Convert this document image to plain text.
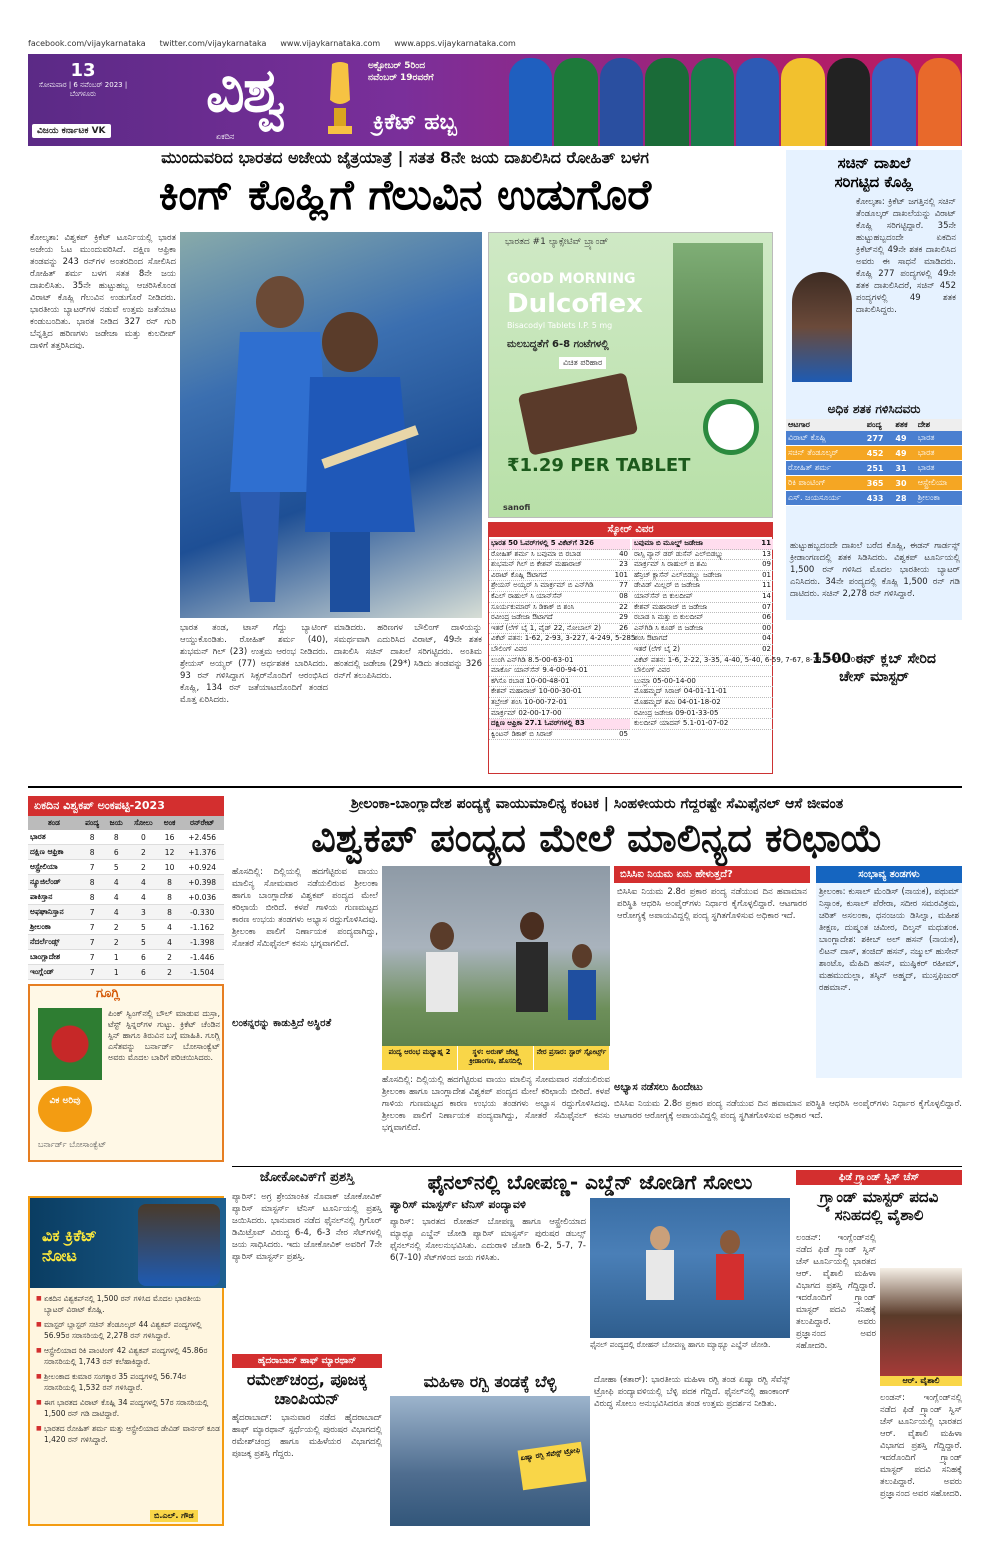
facebook.com/vijaykarnataka twitter.com/vijaykarnataka www.vijaykarnataka.com www.apps.vijaykarnataka.com
13
ಸೋಮವಾರ | 6 ನವೆಂಬರ್ 2023 | ಬೆಂಗಳೂರು
ವಿಜಯ ಕರ್ನಾಟಕ VK
ವಿಶ್ವ
ಏಕದಿನ
ಅಕ್ಟೋಬರ್ 5ರಿಂದ
ನವೆಂಬರ್ 19ರವರೆಗೆ
ಕ್ರಿಕೆಟ್ ಹಬ್ಬ
ಮುಂದುವರಿದ ಭಾರತದ ಅಜೇಯ ಜೈತ್ರಯಾತ್ರೆ | ಸತತ 8ನೇ ಜಯ ದಾಖಲಿಸಿದ ರೋಹಿತ್ ಬಳಗ
ಕಿಂಗ್ ಕೊಹ್ಲಿಗೆ ಗೆಲುವಿನ ಉಡುಗೊರೆ
ಕೋಲ್ಕತಾ: ವಿಶ್ವಕಪ್ ಕ್ರಿಕೆಟ್ ಟೂರ್ನಿಯಲ್ಲಿ ಭಾರತ ಅಜೇಯ ಓಟ ಮುಂದುವರಿಸಿದೆ. ದಕ್ಷಿಣ ಆಫ್ರಿಕಾ ತಂಡವನ್ನು 243 ರನ್‌ಗಳ ಅಂತರದಿಂದ ಸೋಲಿಸಿದ ರೋಹಿತ್ ಶರ್ಮ ಬಳಗ ಸತತ 8ನೇ ಜಯ ದಾಖಲಿಸಿತು. 35ನೇ ಹುಟ್ಟುಹಬ್ಬ ಆಚರಿಸಿಕೊಂಡ ವಿರಾಟ್ ಕೊಹ್ಲಿ ಗೆಲುವಿನ ಉಡುಗೊರೆ ನೀಡಿದರು. ಭಾರತೀಯ ಬ್ಯಾಟರ್‌ಗಳ ನಡುವೆ ಉತ್ತಮ ಜತೆಯಾಟ ಕಂಡುಬಂದಿತು. ಭಾರತ ನೀಡಿದ 327 ರನ್ ಗುರಿ ಬೆನ್ನತ್ತಿದ ಹರಿಣಗಳು ಜಡೇಜಾ ಮತ್ತು ಕುಲದೀಪ್ ದಾಳಿಗೆ ತತ್ತರಿಸಿದವು.
ಭಾರತ ತಂಡ, ಟಾಸ್ ಗೆದ್ದು ಬ್ಯಾಟಿಂಗ್ ಆಯ್ದುಕೊಂಡಿತು. ರೋಹಿತ್ ಶರ್ಮ (40), ಶುಭಮನ್ ಗಿಲ್ (23) ಉತ್ತಮ ಆರಂಭ ನೀಡಿದರು. ಶ್ರೇಯಸ್ ಅಯ್ಯರ್ (77) ಅರ್ಧಶತಕ ಬಾರಿಸಿದರು. 93 ರನ್ ಗಳಿಸಿದ್ದಾಗ ಸಿಕ್ಸರ್‌ನೊಂದಿಗೆ ಆರಂಭಿಸಿದ ಕೊಹ್ಲಿ, 134 ರನ್ ಜತೆಯಾಟದೊಂದಿಗೆ ತಂಡದ ಮೊತ್ತ ಏರಿಸಿದರು.
ಮಾಡಿದರು. ಹರಿಣಗಳ ಬೌಲಿಂಗ್ ದಾಳಿಯನ್ನು ಸಮರ್ಥವಾಗಿ ಎದುರಿಸಿದ ವಿರಾಟ್, 49ನೇ ಶತಕ ದಾಖಲಿಸಿ ಸಚಿನ್ ದಾಖಲೆ ಸರಿಗಟ್ಟಿದರು. ಅಂತಿಮ ಹಂತದಲ್ಲಿ ಜಡೇಜಾ (29*) ಸಿಡಿದು ತಂಡವನ್ನು 326 ರನ್‌ಗೆ ತಲುಪಿಸಿದರು.
ಭಾರತದ #1 ಲ್ಯಾಕ್ಸೇಟಿವ್ ಬ್ರ್ಯಾಂಡ್
GOOD MORNING
Dulcoflex
Bisacodyl Tablets I.P. 5 mg
ಮಲಬದ್ಧತೆಗೆ 6-8 ಗಂಟೆಗಳಲ್ಲಿ
ವಿಚಿತ ಪರಿಹಾರ
₹1.29 PER TABLET
sanofi
ಸ್ಕೋರ್ ವಿವರ
ಭಾರತ 50 ಓವರ್‌ಗಳಲ್ಲಿ 5 ವಿಕೆಟ್‌ಗೆ 326
ರೋಹಿತ್ ಶರ್ಮ ಸಿ ಬವುಮಾ ಬಿ ರಬಾಡ	40
ಶುಭಮನ್ ಗಿಲ್ ಬಿ ಕೇಶವ್ ಮಹಾರಾಜ್	23
ವಿರಾಟ್ ಕೊಹ್ಲಿ ಔಟಾಗದೆ	101
ಶ್ರೇಯಸ್ ಅಯ್ಯರ್ ಸಿ ಮಾರ್ಕ್ರಮ್ ಬಿ ಎನ್‌ಗಿಡಿ	77
ಕೆಎಲ್ ರಾಹುಲ್ ಸಿ ಯಾನ್‌ಸೆನ್	08
ಸೂರ್ಯಕುಮಾರ್ ಸಿ ಡಿಕಾಕ್ ಬಿ ಶಂಸಿ	22
ರವೀಂದ್ರ ಜಡೇಜಾ ಔಟಾಗದೆ	29
ಇತರೆ (ಲೆಗ್ ಬೈ 1, ವೈಡ್ 22, ನೋಬಾಲ್ 2)	26
ವಿಕೆಟ್ ಪತನ: 1-62, 2-93, 3-227, 4-249, 5-285
ಬೌಲಿಂಗ್ ವಿವರ
ಲುಂಗಿ ಎನ್‌ಗಿಡಿ 8.5-00-63-01
ಮಾರ್ಕೊ ಯಾನ್‌ಸೆನ್ 9.4-00-94-01
ಕಗಿಸೊ ರಬಾಡ 10-00-48-01
ಕೇಶವ್ ಮಹಾರಾಜ್ 10-00-30-01
ತಬ್ರೇಜ್ ಶಂಸಿ 10-00-72-01
ಮಾರ್ಕ್ರಮ್ 02-00-17-00
ದಕ್ಷಿಣ ಆಫ್ರಿಕಾ 27.1 ಓವರ್‌ಗಳಲ್ಲಿ 83
ಕ್ವಿಂಟನ್ ಡಿಕಾಕ್ ಬಿ ಸಿರಾಜ್	05
ಬವುಮಾ ಬಿ ಮೂಲ್ಡ್ ಜಡೇಜಾ	11
ರಾಸ್ಸಿ ವ್ಯಾನ್ ಡರ್ ಡುಸೆನ್ ಎಲ್‌ಬಿಡಬ್ಲ್ಯು	13
ಮಾರ್ಕ್ರಮ್ ಸಿ ರಾಹುಲ್ ಬಿ ಶಮಿ	09
ಹೆನ್ರಿಚ್ ಕ್ಲಾಸೆನ್ ಎಲ್‌ಬಿಡಬ್ಲ್ಯು ಜಡೇಜಾ	01
ಡೇವಿಡ್ ಮಿಲ್ಲರ್ ಬಿ ಜಡೇಜಾ	11
ಯಾನ್‌ಸೆನ್ ಬಿ ಕುಲದೀಪ್	14
ಕೇಶವ್ ಮಹಾರಾಜ್ ಬಿ ಜಡೇಜಾ	07
ರಬಾಡ ಸಿ ಮತ್ತು ಬಿ ಕುಲದೀಪ್	06
ಎನ್‌ಗಿಡಿ ಸಿ ಕೂಡ್ ಬಿ ಜಡೇಜಾ	00
ಶಂಸಿ ಔಟಾಗದೆ	04
ಇತರೆ (ಲೆಗ್ ಬೈ 2)	02
ವಿಕೆಟ್ ಪತನ: 1-6, 2-22, 3-35, 4-40, 5-40, 6-59, 7-67, 8-79, 9-79, 10-83
ಬೌಲಿಂಗ್ ವಿವರ
ಬುಮ್ರಾ 05-00-14-00
ಮೊಹಮ್ಮದ್ ಸಿರಾಜ್ 04-01-11-01
ಮೊಹಮ್ಮದ್ ಶಮಿ 04-01-18-02
ರವೀಂದ್ರ ಜಡೇಜಾ 09-01-33-05
ಕುಲದೀಪ್ ಯಾದವ್ 5.1-01-07-02
ಸಚಿನ್ ದಾಖಲೆ
ಸರಿಗಟ್ಟಿದ ಕೊಹ್ಲಿ
ಕೋಲ್ಕತಾ: ಕ್ರಿಕೆಟ್ ಜಗತ್ತಿನಲ್ಲಿ ಸಚಿನ್ ತೆಂಡೂಲ್ಕರ್ ದಾಖಲೆಯನ್ನು ವಿರಾಟ್ ಕೊಹ್ಲಿ ಸರಿಗಟ್ಟಿದ್ದಾರೆ. 35ನೇ ಹುಟ್ಟುಹಬ್ಬದಂದೇ ಏಕದಿನ ಕ್ರಿಕೆಟ್‌ನಲ್ಲಿ 49ನೇ ಶತಕ ದಾಖಲಿಸಿದ ಅವರು ಈ ಸಾಧನೆ ಮಾಡಿದರು. ಕೊಹ್ಲಿ 277 ಪಂದ್ಯಗಳಲ್ಲಿ 49ನೇ ಶತಕ ದಾಖಲಿಸಿದರೆ, ಸಚಿನ್ 452 ಪಂದ್ಯಗಳಲ್ಲಿ 49 ಶತಕ ದಾಖಲಿಸಿದ್ದರು.
1500 ರನ್ ಕ್ಲಬ್ ಸೇರಿದ
ಚೇಸ್ ಮಾಸ್ಟರ್
ಅಧಿಕ ಶತಕ ಗಳಿಸಿದವರು
ಆಟಗಾರ	ಪಂದ್ಯ	ಶತಕ	ದೇಶ
ವಿರಾಟ್ ಕೊಹ್ಲಿ	277	49	ಭಾರತ
ಸಚಿನ್ ತೆಂಡೂಲ್ಕರ್	452	49	ಭಾರತ
ರೋಹಿತ್ ಶರ್ಮ	251	31	ಭಾರತ
ರಿಕಿ ಪಾಂಟಿಂಗ್	365	30	ಆಸ್ಟ್ರೇಲಿಯಾ
ಎಸ್. ಜಯಸೂರ್ಯ	433	28	ಶ್ರೀಲಂಕಾ
ಹುಟ್ಟುಹಬ್ಬದಂದೇ ದಾಖಲೆ ಬರೆದ ಕೊಹ್ಲಿ, ಈಡನ್ ಗಾರ್ಡನ್ಸ್ ಕ್ರೀಡಾಂಗಣದಲ್ಲಿ ಶತಕ ಸಿಡಿಸಿದರು. ವಿಶ್ವಕಪ್ ಟೂರ್ನಿಯಲ್ಲಿ 1,500 ರನ್ ಗಳಿಸಿದ ಮೊದಲ ಭಾರತೀಯ ಬ್ಯಾಟರ್ ಎನಿಸಿದರು. 34ನೇ ಪಂದ್ಯದಲ್ಲಿ ಕೊಹ್ಲಿ 1,500 ರನ್ ಗಡಿ ದಾಟಿದರು. ಸಚಿನ್ 2,278 ರನ್ ಗಳಿಸಿದ್ದಾರೆ.
ಏಕದಿನ ವಿಶ್ವಕಪ್ ಅಂಕಪಟ್ಟಿ-2023
ತಂಡ	ಪಂದ್ಯ	ಜಯ	ಸೋಲು	ಅಂಕ	ರನ್‌ರೇಟ್
ಭಾರತ	8	8	0	16	+2.456
ದಕ್ಷಿಣ ಆಫ್ರಿಕಾ	8	6	2	12	+1.376
ಆಸ್ಟ್ರೇಲಿಯಾ	7	5	2	10	+0.924
ನ್ಯೂಜಿಲೆಂಡ್	8	4	4	8	+0.398
ಪಾಕಿಸ್ತಾನ	8	4	4	8	+0.036
ಅಫಘಾನಿಸ್ತಾನ	7	4	3	8	-0.330
ಶ್ರೀಲಂಕಾ	7	2	5	4	-1.162
ನೆದರ್ಲೆಂಡ್ಸ್	7	2	5	4	-1.398
ಬಾಂಗ್ಲಾದೇಶ	7	1	6	2	-1.446
ಇಂಗ್ಲೆಂಡ್	7	1	6	2	-1.504
ಗೂಗ್ಲಿ
ವಿಕ ಅರಿವು
ಪಿಂಕ್ ಸ್ವಿಂಗ್‌ನಲ್ಲಿ ಬೌಲ್ ಮಾಡುವ ದುಸ್ರಾ, ಟೆಸ್ಟ್ ಸ್ಪಿನ್ನರ್‌ಗಳ ಗುಟ್ಟು. ಕ್ರಿಕೆಟ್ ಚೆಂಡಿನ ಸ್ಪಿನ್ ಹಾಗೂ ತಿರುವಿನ ಬಗ್ಗೆ ಮಾಹಿತಿ. ಗೂಗ್ಲಿ ಎಸೆತವನ್ನು ಬರ್ನಾರ್ಡ್ ಬೋಸಾಂಕ್ವೆಟ್ ಅವರು ಮೊದಲ ಬಾರಿಗೆ ಪರಿಚಯಿಸಿದರು.
ಬರ್ನಾರ್ಡ್ ಬೋಸಾಂಕ್ವೆಟ್
ಶ್ರೀಲಂಕಾ-ಬಾಂಗ್ಲಾದೇಶ ಪಂದ್ಯಕ್ಕೆ ವಾಯುಮಾಲಿನ್ಯ ಕಂಟಕ | ಸಿಂಹಳೀಯರು ಗೆದ್ದರಷ್ಟೇ ಸೆಮಿಫೈನಲ್ ಆಸೆ ಜೀವಂತ
ವಿಶ್ವಕಪ್ ಪಂದ್ಯದ ಮೇಲೆ ಮಾಲಿನ್ಯದ ಕರಿಛಾಯೆ
ಹೊಸದಿಲ್ಲಿ: ದಿಲ್ಲಿಯಲ್ಲಿ ಹದಗೆಟ್ಟಿರುವ ವಾಯು ಮಾಲಿನ್ಯ ಸೋಮವಾರ ನಡೆಯಲಿರುವ ಶ್ರೀಲಂಕಾ ಹಾಗೂ ಬಾಂಗ್ಲಾದೇಶ ವಿಶ್ವಕಪ್ ಪಂದ್ಯದ ಮೇಲೆ ಕರಿಛಾಯೆ ಬೀರಿದೆ. ಕಳಪೆ ಗಾಳಿಯ ಗುಣಮಟ್ಟದ ಕಾರಣ ಉಭಯ ತಂಡಗಳು ಅಭ್ಯಾಸ ರದ್ದುಗೊಳಿಸಿದವು. ಶ್ರೀಲಂಕಾ ಪಾಲಿಗೆ ನಿರ್ಣಾಯಕ ಪಂದ್ಯವಾಗಿದ್ದು, ಸೋತರೆ ಸೆಮಿಫೈನಲ್ ಕನಸು ಭಗ್ನವಾಗಲಿದೆ.
ಲಂಕನ್ನರನ್ನು ಕಾಡುತ್ತಿದೆ ಅಸ್ಥಿರತೆ
ಪಂದ್ಯ ಆರಂಭ ಮಧ್ಯಾಹ್ನ 2	ಸ್ಥಳ: ಅರುಣ್ ಜೇಟ್ಲಿ ಕ್ರೀಡಾಂಗಣ, ಹೊಸದಿಲ್ಲಿ
ನೇರ ಪ್ರಸಾರ: ಸ್ಟಾರ್ ಸ್ಪೋರ್ಟ್ಸ್
ಬಿಸಿಸಿಐ ನಿಯಮ ಏನು ಹೇಳುತ್ತದೆ?
ಬಿಸಿಸಿಐ ನಿಯಮ 2.8ರ ಪ್ರಕಾರ ಪಂದ್ಯ ನಡೆಯುವ ದಿನ ಹವಾಮಾನ ಪರಿಸ್ಥಿತಿ ಆಧರಿಸಿ ಅಂಪೈರ್‌ಗಳು ನಿರ್ಧಾರ ಕೈಗೊಳ್ಳಲಿದ್ದಾರೆ. ಆಟಗಾರರ ಆರೋಗ್ಯಕ್ಕೆ ಅಪಾಯವಿದ್ದಲ್ಲಿ ಪಂದ್ಯ ಸ್ಥಗಿತಗೊಳಿಸುವ ಅಧಿಕಾರ ಇದೆ.
ಅಭ್ಯಾಸ ನಡೆಸಲು ಹಿಂದೇಟು
ಸಂಭಾವ್ಯ ತಂಡಗಳು
ಶ್ರೀಲಂಕಾ: ಕುಸಾಲ್ ಮೆಂಡಿಸ್ (ನಾಯಕ), ಪಥುಮ್ ನಿಸ್ಸಾಂಕ, ಕುಸಾಲ್ ಪೆರೇರಾ, ಸದೀರ ಸಮರವಿಕ್ರಮ, ಚರಿತ್ ಅಸಲಂಕಾ, ಧನಂಜಯ ಡಿಸಿಲ್ವಾ, ಮಹೀಶ ತೀಕ್ಷಣ, ದುಷ್ಮಂತ ಚಮೀರ, ದಿಲ್ಶನ್ ಮಧುಶಂಕ. ಬಾಂಗ್ಲಾದೇಶ: ಶಕೀಬ್ ಅಲ್ ಹಸನ್ (ನಾಯಕ), ಲಿಟನ್ ದಾಸ್, ತಂಜಿದ್ ಹಸನ್, ನಜ್ಮುಲ್ ಹುಸೇನ್ ಶಾಂಟೊ, ಮೆಹಿದಿ ಹಸನ್, ಮುಷ್ಫಿಕರ್ ರಹೀಮ್, ಮಹಮುದುಲ್ಲಾ, ತಸ್ಕಿನ್ ಅಹ್ಮದ್, ಮುಸ್ತಫಿಜುರ್ ರಹಮಾನ್.
ಹೊಸದಿಲ್ಲಿ: ದಿಲ್ಲಿಯಲ್ಲಿ ಹದಗೆಟ್ಟಿರುವ ವಾಯು ಮಾಲಿನ್ಯ ಸೋಮವಾರ ನಡೆಯಲಿರುವ ಶ್ರೀಲಂಕಾ ಹಾಗೂ ಬಾಂಗ್ಲಾದೇಶ ವಿಶ್ವಕಪ್ ಪಂದ್ಯದ ಮೇಲೆ ಕರಿಛಾಯೆ ಬೀರಿದೆ. ಕಳಪೆ ಗಾಳಿಯ ಗುಣಮಟ್ಟದ ಕಾರಣ ಉಭಯ ತಂಡಗಳು ಅಭ್ಯಾಸ ರದ್ದುಗೊಳಿಸಿದವು. ಶ್ರೀಲಂಕಾ ಪಾಲಿಗೆ ನಿರ್ಣಾಯಕ ಪಂದ್ಯವಾಗಿದ್ದು, ಸೋತರೆ ಸೆಮಿಫೈನಲ್ ಕನಸು ಭಗ್ನವಾಗಲಿದೆ.
ಬಿಸಿಸಿಐ ನಿಯಮ 2.8ರ ಪ್ರಕಾರ ಪಂದ್ಯ ನಡೆಯುವ ದಿನ ಹವಾಮಾನ ಪರಿಸ್ಥಿತಿ ಆಧರಿಸಿ ಅಂಪೈರ್‌ಗಳು ನಿರ್ಧಾರ ಕೈಗೊಳ್ಳಲಿದ್ದಾರೆ. ಆಟಗಾರರ ಆರೋಗ್ಯಕ್ಕೆ ಅಪಾಯವಿದ್ದಲ್ಲಿ ಪಂದ್ಯ ಸ್ಥಗಿತಗೊಳಿಸುವ ಅಧಿಕಾರ ಇದೆ.
ಜೋಕೋವಿಕ್‌ಗೆ ಪ್ರಶಸ್ತಿ
ಪ್ಯಾರಿಸ್: ಅಗ್ರ ಶ್ರೇಯಾಂಕಿತ ನೊವಾಕ್ ಜೋಕೋವಿಕ್ ಪ್ಯಾರಿಸ್ ಮಾಸ್ಟರ್ಸ್ ಟೆನಿಸ್ ಟೂರ್ನಿಯಲ್ಲಿ ಪ್ರಶಸ್ತಿ ಜಯಿಸಿದರು. ಭಾನುವಾರ ನಡೆದ ಫೈನಲ್‌ನಲ್ಲಿ ಗ್ರಿಗೊರ್ ಡಿಮಿಟ್ರೊವ್ ವಿರುದ್ಧ 6-4, 6-3 ನೇರ ಸೆಟ್‌ಗಳಲ್ಲಿ ಜಯ ಸಾಧಿಸಿದರು. ಇದು ಜೋಕೋವಿಕ್ ಅವರಿಗೆ 7ನೇ ಪ್ಯಾರಿಸ್ ಮಾಸ್ಟರ್ಸ್ ಪ್ರಶಸ್ತಿ.
ಹೈದರಾಬಾದ್ ಹಾಫ್ ಮ್ಯಾರಥಾನ್
ರಮೇಶ್‌ಚಂದ್ರ, ಪೂಜಕ್ಕ ಚಾಂಪಿಯನ್
ಹೈದರಾಬಾದ್: ಭಾನುವಾರ ನಡೆದ ಹೈದರಾಬಾದ್ ಹಾಫ್ ಮ್ಯಾರಥಾನ್ ಸ್ಪರ್ಧೆಯಲ್ಲಿ ಪುರುಷರ ವಿಭಾಗದಲ್ಲಿ ರಮೇಶ್‌ಚಂದ್ರ ಹಾಗೂ ಮಹಿಳೆಯರ ವಿಭಾಗದಲ್ಲಿ ಪೂಜಕ್ಕ ಪ್ರಶಸ್ತಿ ಗೆದ್ದರು.
ಫೈನಲ್‌ನಲ್ಲಿ ಬೋಪಣ್ಣ- ಎಬ್ಡೆನ್ ಜೋಡಿಗೆ ಸೋಲು
ಪ್ಯಾರಿಸ್ ಮಾಸ್ಟರ್ಸ್ ಟೆನಿಸ್ ಪಂದ್ಯಾವಳಿ
ಪ್ಯಾರಿಸ್: ಭಾರತದ ರೋಹನ್ ಬೋಪಣ್ಣ ಹಾಗೂ ಆಸ್ಟ್ರೇಲಿಯಾದ ಮ್ಯಾಥ್ಯೂ ಎಬ್ಡೆನ್ ಜೋಡಿ ಪ್ಯಾರಿಸ್ ಮಾಸ್ಟರ್ಸ್ ಪುರುಷರ ಡಬಲ್ಸ್ ಫೈನಲ್‌ನಲ್ಲಿ ಸೋಲನುಭವಿಸಿತು. ಎದುರಾಳಿ ಜೋಡಿ 6-2, 5-7, 7-6(7-10) ಸೆಟ್‌ಗಳಿಂದ ಜಯ ಗಳಿಸಿತು.
ಫೈನಲ್ ಪಂದ್ಯದಲ್ಲಿ ರೋಹನ್ ಬೋಪಣ್ಣ ಹಾಗೂ ಮ್ಯಾಥ್ಯೂ ಎಬ್ಡೆನ್ ಜೋಡಿ.
ಮಹಿಳಾ ರಗ್ಬಿ ತಂಡಕ್ಕೆ ಬೆಳ್ಳಿ
ಏಷ್ಯಾ ರಗ್ಬಿ ಸೆವೆನ್ಸ್ ಟ್ರೋಫಿ
ದೋಹಾ (ಕತಾರ್): ಭಾರತೀಯ ಮಹಿಳಾ ರಗ್ಬಿ ತಂಡ ಏಷ್ಯಾ ರಗ್ಬಿ ಸೆವೆನ್ಸ್ ಟ್ರೋಫಿ ಪಂದ್ಯಾವಳಿಯಲ್ಲಿ ಬೆಳ್ಳಿ ಪದಕ ಗೆದ್ದಿದೆ. ಫೈನಲ್‌ನಲ್ಲಿ ಹಾಂಕಾಂಗ್ ವಿರುದ್ಧ ಸೋಲು ಅನುಭವಿಸಿದರೂ ತಂಡ ಉತ್ತಮ ಪ್ರದರ್ಶನ ನೀಡಿತು.
ಫಿಡೆ ಗ್ರ್ಯಾಂಡ್ ಸ್ವಿಸ್ ಚೆಸ್
ಗ್ರ್ಯಾಂಡ್ ಮಾಸ್ಟರ್ ಪದವಿ ಸನಿಹದಲ್ಲಿ ವೈಶಾಲಿ
ಲಂಡನ್: ಇಂಗ್ಲೆಂಡ್‌ನಲ್ಲಿ ನಡೆದ ಫಿಡೆ ಗ್ರ್ಯಾಂಡ್ ಸ್ವಿಸ್ ಚೆಸ್ ಟೂರ್ನಿಯಲ್ಲಿ ಭಾರತದ ಆರ್. ವೈಶಾಲಿ ಮಹಿಳಾ ವಿಭಾಗದ ಪ್ರಶಸ್ತಿ ಗೆದ್ದಿದ್ದಾರೆ. ಇದರೊಂದಿಗೆ ಗ್ರ್ಯಾಂಡ್ ಮಾಸ್ಟರ್ ಪದವಿ ಸನಿಹಕ್ಕೆ ತಲುಪಿದ್ದಾರೆ. ಅವರು ಪ್ರಜ್ಞಾನಂದ ಅವರ ಸಹೋದರಿ.
ಆರ್. ವೈಶಾಲಿ
ಲಂಡನ್: ಇಂಗ್ಲೆಂಡ್‌ನಲ್ಲಿ ನಡೆದ ಫಿಡೆ ಗ್ರ್ಯಾಂಡ್ ಸ್ವಿಸ್ ಚೆಸ್ ಟೂರ್ನಿಯಲ್ಲಿ ಭಾರತದ ಆರ್. ವೈಶಾಲಿ ಮಹಿಳಾ ವಿಭಾಗದ ಪ್ರಶಸ್ತಿ ಗೆದ್ದಿದ್ದಾರೆ. ಇದರೊಂದಿಗೆ ಗ್ರ್ಯಾಂಡ್ ಮಾಸ್ಟರ್ ಪದವಿ ಸನಿಹಕ್ಕೆ ತಲುಪಿದ್ದಾರೆ. ಅವರು ಪ್ರಜ್ಞಾನಂದ ಅವರ ಸಹೋದರಿ.
ವಿಕ ಕ್ರಿಕೆಟ್ ನೋಟ
■ ಏಕದಿನ ವಿಶ್ವಕಪ್‌ನಲ್ಲಿ 1,500 ರನ್ ಗಳಿಸಿದ ಮೊದಲ ಭಾರತೀಯ ಬ್ಯಾಟರ್ ವಿರಾಟ್ ಕೊಹ್ಲಿ.
■ ಮಾಸ್ಟರ್ ಬ್ಲಾಸ್ಟರ್ ಸಚಿನ್ ತೆಂಡೂಲ್ಕರ್ 44 ವಿಶ್ವಕಪ್ ಪಂದ್ಯಗಳಲ್ಲಿ 56.95ರ ಸರಾಸರಿಯಲ್ಲಿ 2,278 ರನ್ ಗಳಿಸಿದ್ದಾರೆ.
■ ಆಸ್ಟ್ರೇಲಿಯಾದ ರಿಕಿ ಪಾಂಟಿಂಗ್ 42 ವಿಶ್ವಕಪ್ ಪಂದ್ಯಗಳಲ್ಲಿ 45.86ರ ಸರಾಸರಿಯಲ್ಲಿ 1,743 ರನ್ ಕಲೆಹಾಕಿದ್ದಾರೆ.
■ ಶ್ರೀಲಂಕಾದ ಕುಮಾರ ಸಂಗಕ್ಕಾರ 35 ಪಂದ್ಯಗಳಲ್ಲಿ 56.74ರ ಸರಾಸರಿಯಲ್ಲಿ 1,532 ರನ್ ಗಳಿಸಿದ್ದಾರೆ.
■ ಈಗ ಭಾರತದ ವಿರಾಟ್ ಕೊಹ್ಲಿ 34 ಪಂದ್ಯಗಳಲ್ಲಿ 57ರ ಸರಾಸರಿಯಲ್ಲಿ 1,500 ರನ್ ಗಡಿ ದಾಟಿದ್ದಾರೆ.
■ ಭಾರತದ ರೋಹಿತ್ ಶರ್ಮ ಮತ್ತು ಆಸ್ಟ್ರೇಲಿಯಾದ ಡೇವಿಡ್ ವಾರ್ನರ್ ಕೂಡ 1,420 ರನ್ ಗಳಿಸಿದ್ದಾರೆ.
ಬಿ.ಎಲ್. ಗೌಡ
